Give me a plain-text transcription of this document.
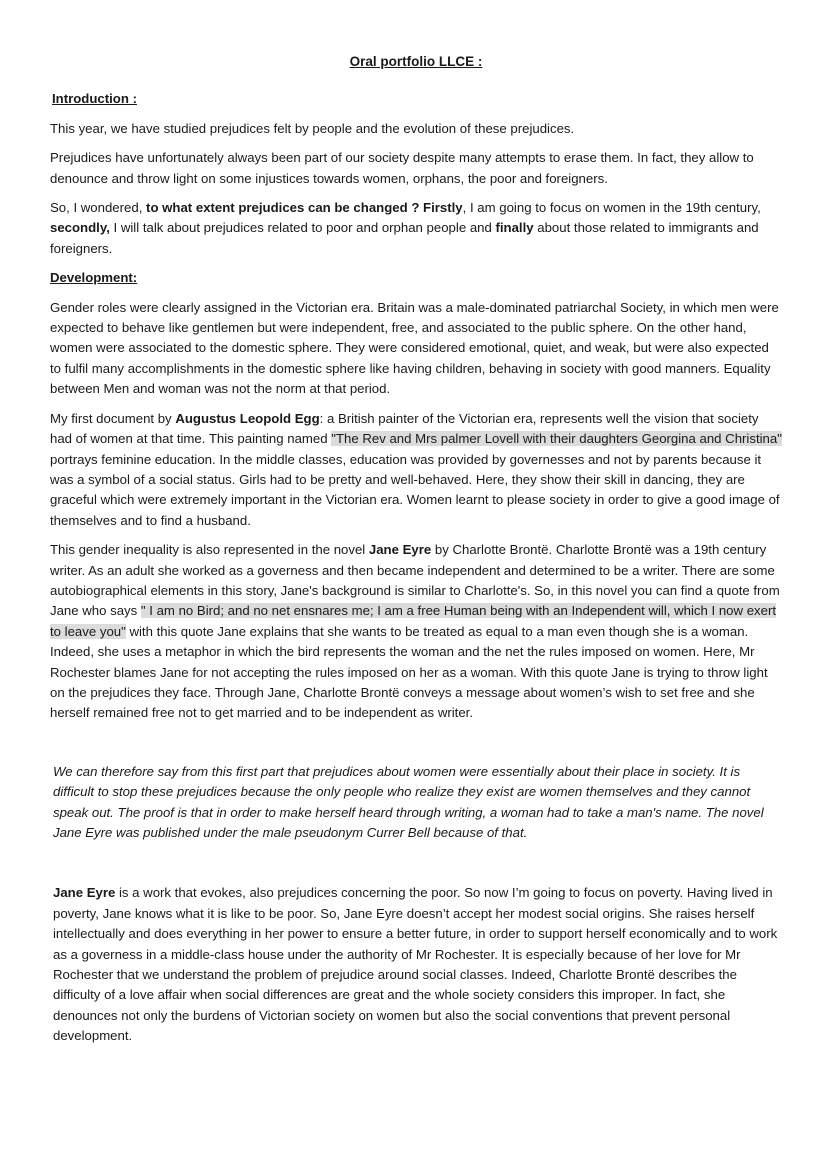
Oral portfolio LLCE :
Introduction :

This year, we have studied prejudices felt by people and the evolution of these prejudices.

Prejudices have unfortunately always been part of our society despite many attempts to erase them. In fact, they allow to denounce and throw light on some injustices towards women, orphans, the poor and foreigners.

So, I wondered, to what extent prejudices can be changed ? Firstly, I am going to focus on women in the 19th century, secondly, I will talk about prejudices related to poor and orphan people and finally about those related to immigrants and foreigners.

Development:

Gender roles were clearly assigned in the Victorian era. Britain was a male-dominated patriarchal Society, in which men were expected to behave like gentlemen but were independent, free, and associated to the public sphere. On the other hand, women were associated to the domestic sphere. They were considered emotional, quiet, and weak, but were also expected to fulfil many accomplishments in the domestic sphere like having children, behaving in society with good manners. Equality between Men and woman was not the norm at that period.

My first document by Augustus Leopold Egg: a British painter of the Victorian era, represents well the vision that society had of women at that time. This painting named "The Rev and Mrs palmer Lovell with their daughters Georgina and Christina" portrays feminine education. In the middle classes, education was provided by governesses and not by parents because it was a symbol of a social status. Girls had to be pretty and well-behaved. Here, they show their skill in dancing, they are graceful which were extremely important in the Victorian era. Women learnt to please society in order to give a good image of themselves and to find a husband.

This gender inequality is also represented in the novel Jane Eyre by Charlotte Brontë. Charlotte Brontë was a 19th century writer. As an adult she worked as a governess and then became independent and determined to be a writer. There are some autobiographical elements in this story, Jane's background is similar to Charlotte's. So, in this novel you can find a quote from Jane who says " I am no Bird; and no net ensnares me; I am a free Human being with an Independent will, which I now exert to leave you" with this quote Jane explains that she wants to be treated as equal to a man even though she is a woman. Indeed, she uses a metaphor in which the bird represents the woman and the net the rules imposed on women. Here, Mr Rochester blames Jane for not accepting the rules imposed on her as a woman. With this quote Jane is trying to throw light on the prejudices they face. Through Jane, Charlotte Brontë conveys a message about women’s wish to set free and she herself remained free not to get married and to be independent as writer.

We can therefore say from this first part that prejudices about women were essentially about their place in society. It is difficult to stop these prejudices because the only people who realize they exist are women themselves and they cannot speak out. The proof is that in order to make herself heard through writing, a woman had to take a man's name. The novel Jane Eyre was published under the male pseudonym Currer Bell because of that.

Jane Eyre is a work that evokes, also prejudices concerning the poor. So now I’m going to focus on poverty. Having lived in poverty, Jane knows what it is like to be poor. So, Jane Eyre doesn’t accept her modest social origins. She raises herself intellectually and does everything in her power to ensure a better future, in order to support herself economically and to work as a governess in a middle-class house under the authority of Mr Rochester. It is especially because of her love for Mr Rochester that we understand the problem of prejudice around social classes. Indeed, Charlotte Brontë describes the difficulty of a love affair when social differences are great and the whole society considers this improper. In fact, she denounces not only the burdens of Victorian society on women but also the social conventions that prevent personal development.
